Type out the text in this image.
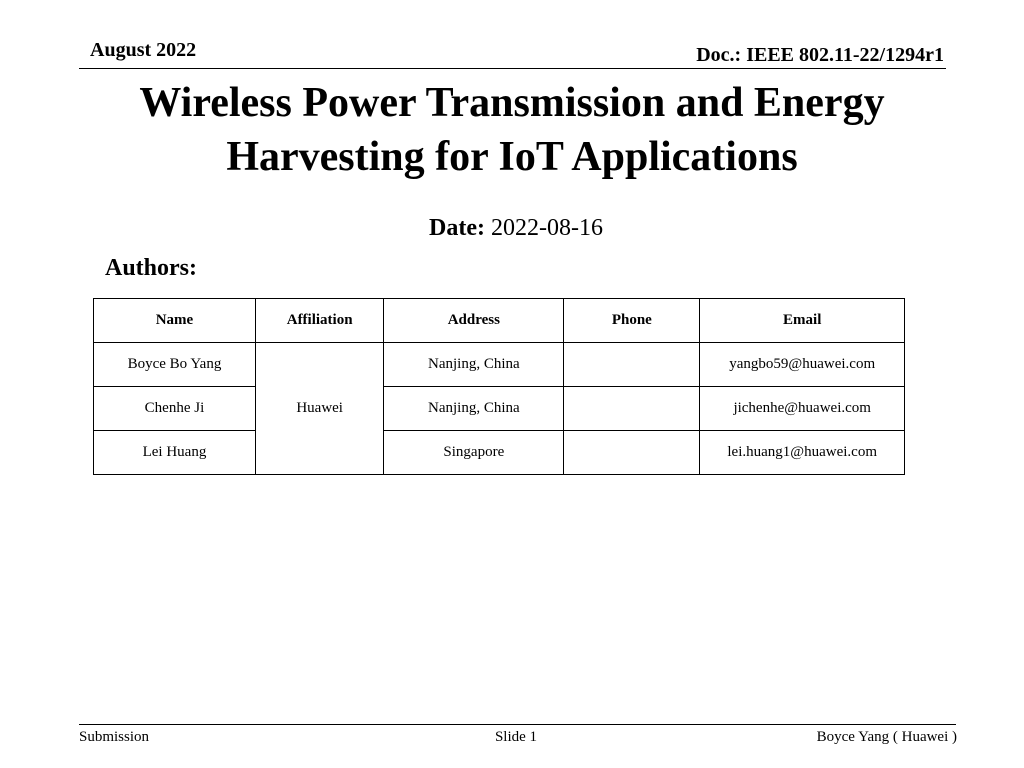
August 2022	Doc.: IEEE 802.11-22/1294r1
Wireless Power Transmission and Energy
Harvesting for IoT Applications
Date: 2022-08-16
Authors:
Name	Affiliation	Address	Phone	Email
Boyce Bo Yang	Huawei	Nanjing, China		yangbo59@huawei.com
Chenhe Ji		Nanjing, China		jichenhe@huawei.com
Lei Huang		Singapore		lei.huang1@huawei.com
Submission	Slide 1	Boyce Yang ( Huawei )
